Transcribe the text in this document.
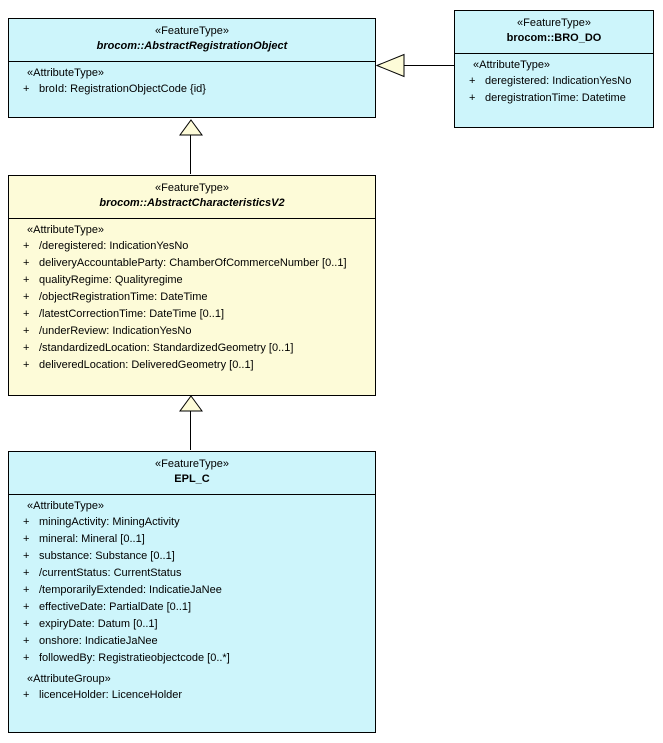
«FeatureType»
brocom::AbstractRegistrationObject
«AttributeType»
+ broId: RegistrationObjectCode {id}
«FeatureType»
brocom::BRO_DO
«AttributeType»
+ deregistered: IndicationYesNo
+ deregistrationTime: Datetime
«FeatureType»
brocom::AbstractCharacteristicsV2
«AttributeType»
+ /deregistered: IndicationYesNo
+ deliveryAccountableParty: ChamberOfCommerceNumber [0..1]
+ qualityRegime: Qualityregime
+ /objectRegistrationTime: DateTime
+ /latestCorrectionTime: DateTime [0..1]
+ /underReview: IndicationYesNo
+ /standardizedLocation: StandardizedGeometry [0..1]
+ deliveredLocation: DeliveredGeometry [0..1]
«FeatureType»
EPL_C
«AttributeType»
+ miningActivity: MiningActivity
+ mineral: Mineral [0..1]
+ substance: Substance [0..1]
+ /currentStatus: CurrentStatus
+ /temporarilyExtended: IndicatieJaNee
+ effectiveDate: PartialDate [0..1]
+ expiryDate: Datum [0..1]
+ onshore: IndicatieJaNee
+ followedBy: Registratieobjectcode [0..*]
«AttributeGroup»
+ licenceHolder: LicenceHolder
